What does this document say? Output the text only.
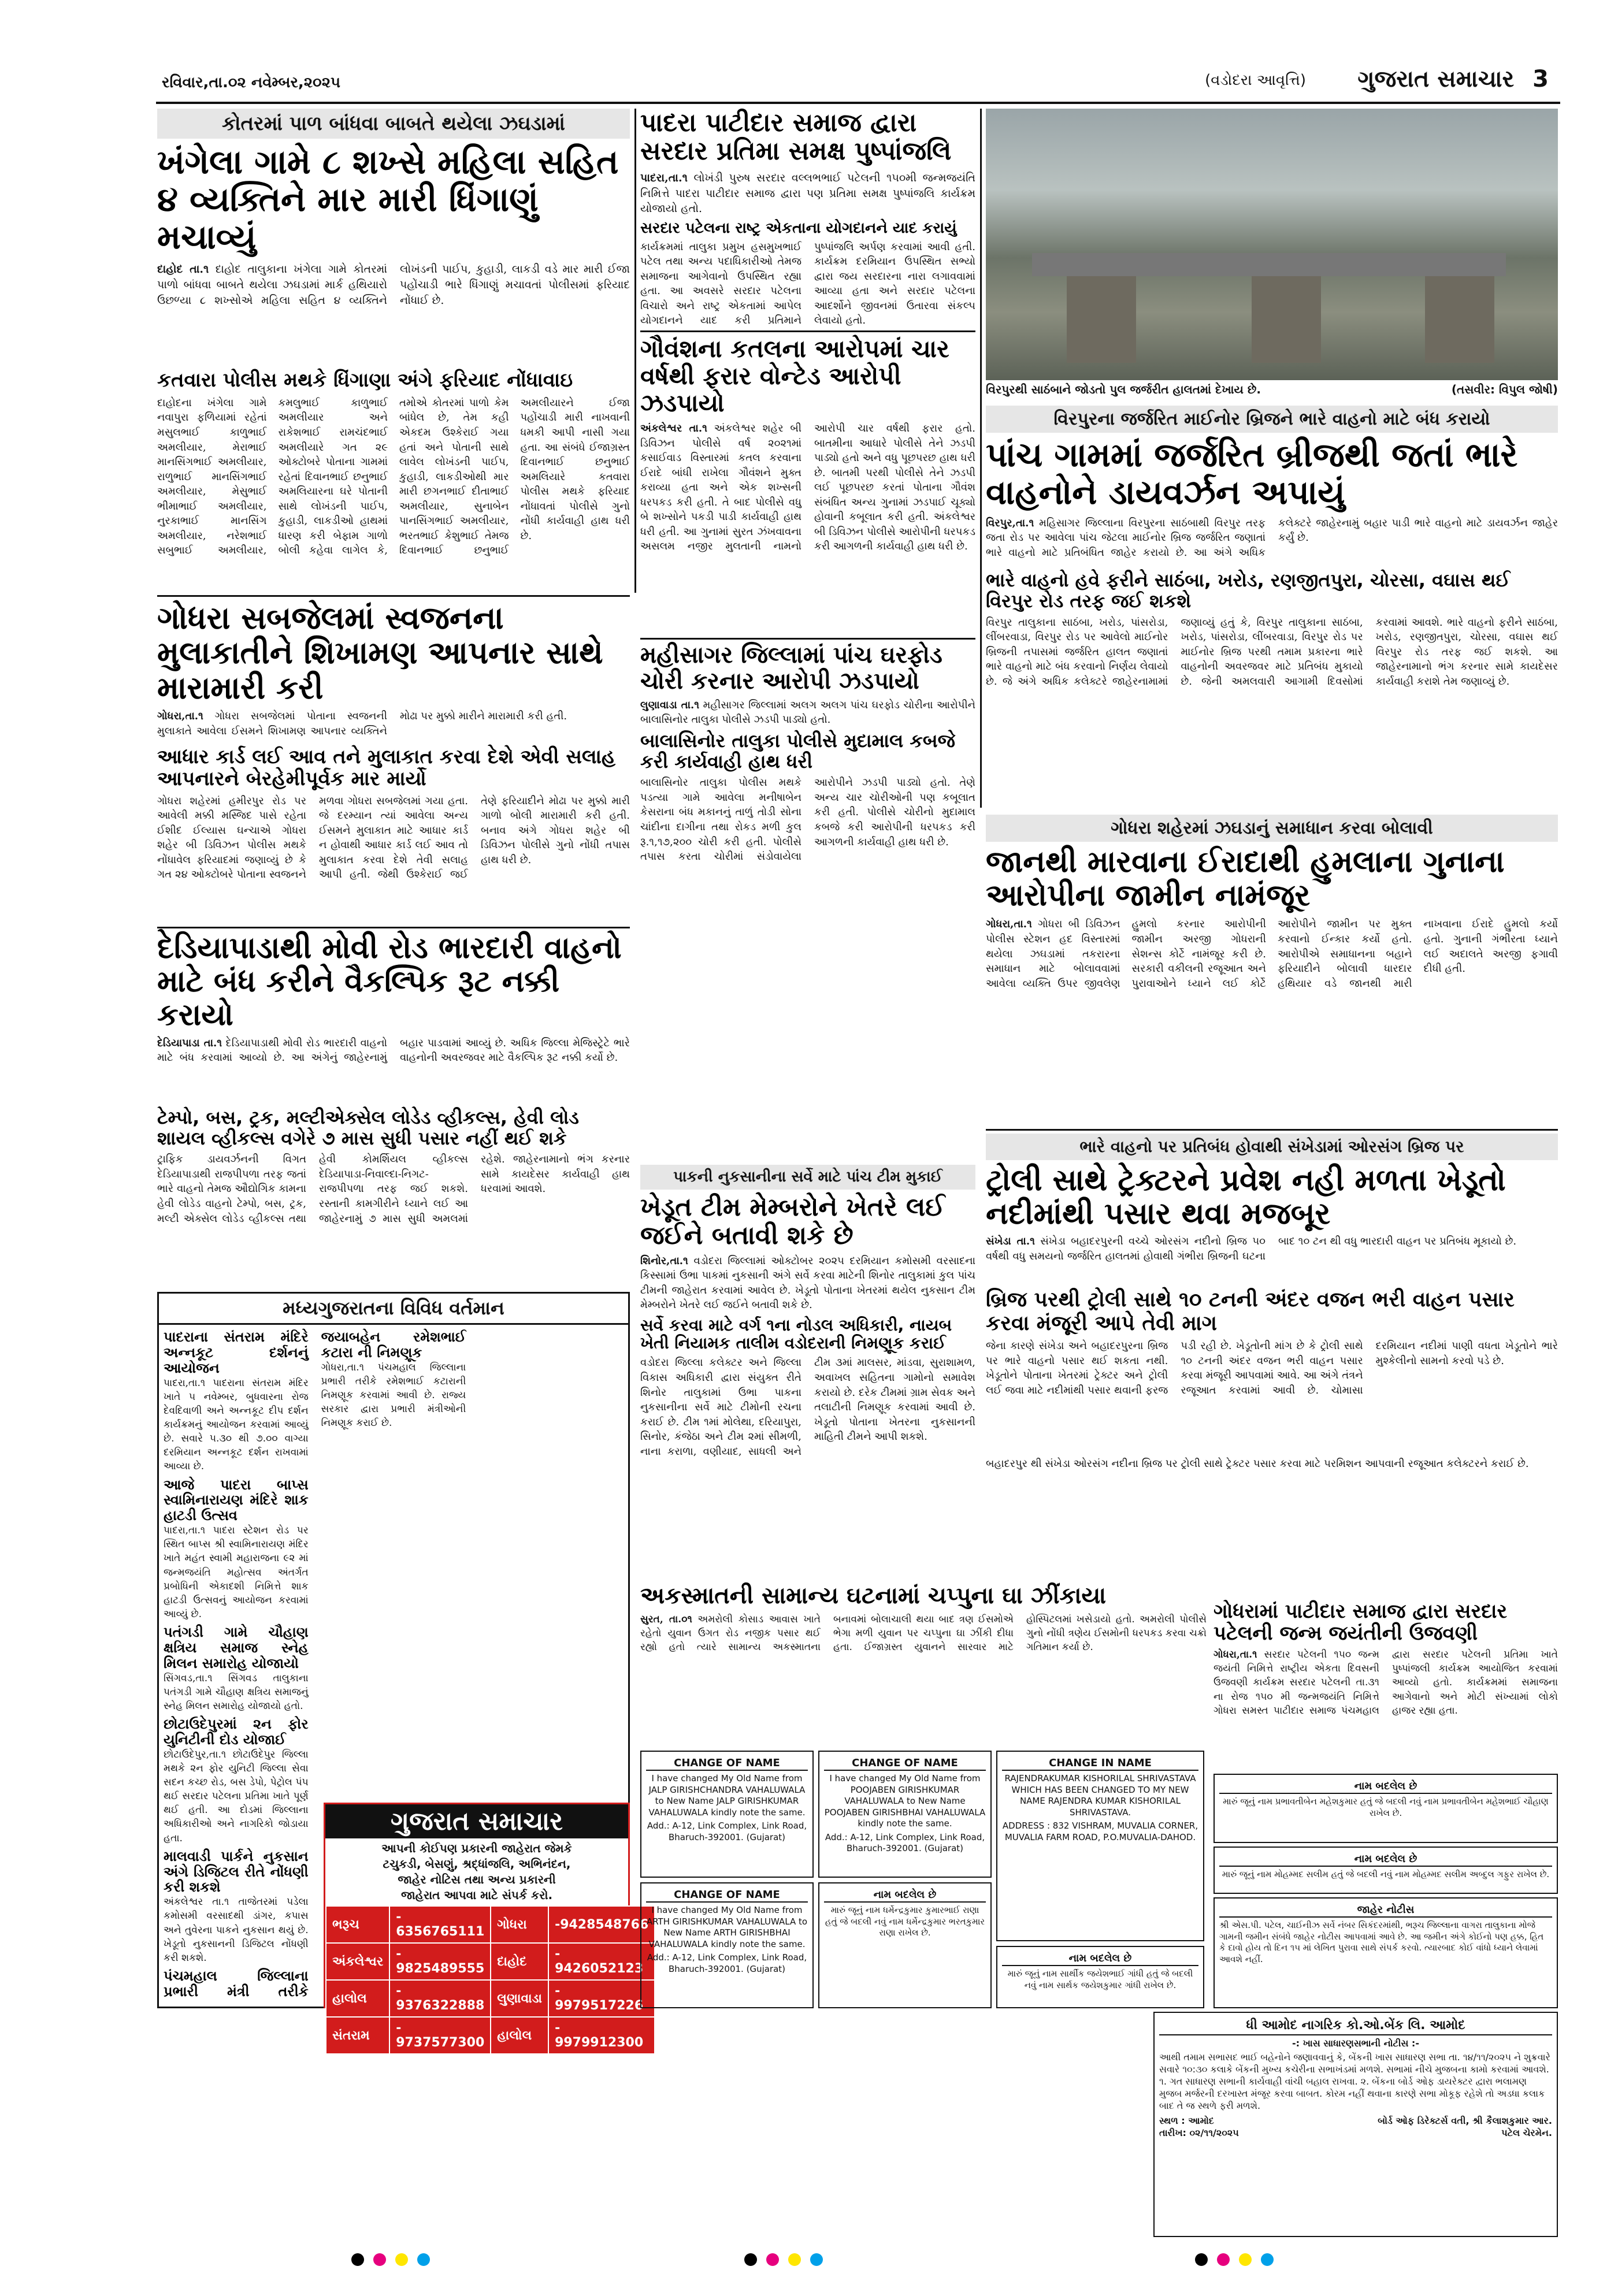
રવિવાર,તા.૦૨ નવેમ્બર,૨૦૨૫	(વડોદરા આવૃત્તિ)	ગુજરાત સમાચાર 3
કોતરમાં પાળ બાંધવા બાબતે થયેલા ઝઘડામાં
ખંગેલા ગામે ૮ શખ્સે મહિલા સહિત ૪ વ્યક્તિને માર મારી ધિંગાણું મચાવ્યું
દાહોદ તા.૧ દાહોદ તાલુકાના ખંગેલા ગામે કોતરમાં પાળો બાંધવા બાબતે થયેલા ઝઘડામાં માર્ક હથિયારો ઉછળ્યા ૮ શખ્સોએ મહિલા સહિત ૪ વ્યક્તિને લોખંડની પાઈપ, કુહાડી, લાકડી વડે માર મારી ઈજા પહોંચાડી ભારે ધિંગાણું મચાવતાં પોલીસમાં ફરિયાદ નોંધાઈ છે.
કતવારા પોલીસ મથકે ધિંગાણા અંગે ફરિયાદ નોંધાવાઇ
દાહોદના ખંગેલા ગામે નવાપુરા ફળિયામાં રહેતાં મસુલભાઈ કાળુભાઈ અમલીયાર, મેરાભાઈ માનસિંગભાઈ અમલીયાર, રાળુભાઈ માનસિંગભાઈ અમલીયાર, મેસુભાઈ ભીમાભાઈ અમલીયાર, નુરકાભાઈ માનસિંગ અમલીયાર, નરેશભાઈ સબુભાઈ અમલીયાર, કમલુભાઈ કાળુભાઈ અમલીયાર અને રાકેશભાઈ રામચંદભાઈ અમલીયારે ગત ૨૯ ઓક્ટોબરે પોતાના ગામમાં રહેતાં દિવાનભાઈ છનુભાઈ અમલિયારના ઘરે પોતાની સાથે લોખંડની પાઈપ, કુહાડી, લાકડીઓ હાથમાં ધારણ કરી બેફામ ગાળો બોલી કહેવા લાગેલ કે, તમોએ કોતરમાં પાળો કેમ બાંધેલ છે, તેમ કહી એકદમ ઉશ્કેરાઈ ગયા હતાં અને પોતાની સાથે લાવેલ લોખંડની પાઈપ, કુહાડી, લાકડીઓથી માર મારી છગનભાઈ દીતાભાઈ અમલીયાર, સુનાબેન પાનસિંગભાઈ અમલીયાર, ભરતભાઈ કેશુભાઈ તેમજ દિવાનભાઈ છનુભાઈ અમલીયારને ઈજા પહોંચાડી મારી નાખવાની ધમકી આપી નાસી ગયા હતા. આ સંબંધે ઈજાગ્રસ્ત દિવાનભાઈ છનુભાઈ અમલિયારે કતવારા પોલીસ મથકે ફરિયાદ નોંધાવતાં પોલીસે ગુનો નોંધી કાર્યવાહી હાથ ધરી છે.
પાદરા પાટીદાર સમાજ દ્વારા સરદાર પ્રતિમા સમક્ષ પુષ્પાંજલિ
પાદરા,તા.૧ લોખંડી પુરુષ સરદાર વલ્લભભાઈ પટેલની ૧૫૦મી જન્મજયંતિ નિમિત્તે પાદરા પાટીદાર સમાજ દ્વારા પણ પ્રતિમા સમક્ષ પુષ્પાંજલિ કાર્યક્રમ યોજાયો હતો.
સરદાર પટેલના રાષ્ટ્ર એકતાના યોગદાનને યાદ કરાયું
કાર્યક્રમમાં તાલુકા પ્રમુખ હસમુખભાઈ પટેલ તથા અન્ય પદાધિકારીઓ તેમજ સમાજના આગેવાનો ઉપસ્થિત રહ્યા હતા. આ અવસરે સરદાર પટેલના વિચારો અને રાષ્ટ્ર એકતામાં આપેલ યોગદાનને યાદ કરી પ્રતિમાને પુષ્પાંજલિ અર્પણ કરવામાં આવી હતી. કાર્યક્રમ દરમિયાન ઉપસ્થિત સભ્યો દ્વારા જય સરદારના નારા લગાવવામાં આવ્યા હતા અને સરદાર પટેલના આદર્શોને જીવનમાં ઉતારવા સંકલ્પ લેવાયો હતો.
ગૌવંશના કતલના આરોપમાં ચાર વર્ષથી ફરાર વોન્ટેડ આરોપી ઝડપાયો
અંકલેશ્વર તા.૧ અંકલેશ્વર શહેર બી ડિવિઝન પોલીસે વર્ષ ૨૦૨૧માં કસાઈવાડ વિસ્તારમાં કતલ કરવાના ઈરાદે બાંધી રાખેલા ગૌવંશને મુક્ત કરાવ્યા હતા અને એક શખ્સની ધરપકડ કરી હતી. તે બાદ પોલીસે વધુ બે શખ્સોને પકડી પાડી કાર્યવાહી હાથ ધરી હતી. આ ગુનામાં સુરત ઝંખવાવના અસલમ નજીર મુલતાની નામનો આરોપી ચાર વર્ષથી ફરાર હતો. બાતમીના આધારે પોલીસે તેને ઝડપી પાડ્યો હતો અને વધુ પૂછપરછ હાથ ધરી છે. બાતમી પરથી પોલીસે તેને ઝડપી લઈ પૂછપરછ કરતાં પોતાના ગૌવંશ સંબંધિત અન્ય ગુનામાં ઝડપાઈ ચૂક્યો હોવાની કબૂલાત કરી હતી. અંકલેશ્વર બી ડિવિઝન પોલીસે આરોપીની ધરપકડ કરી આગળની કાર્યવાહી હાથ ધરી છે.
વિરપુરથી સાઠંબાને જોડતો પુલ જર્જરીત હાલતમાં દેખાય છે.	(તસવીર: વિપુલ જોષી)
વિરપુરના જર્જરિત માઈનોર બ્રિજને ભારે વાહનો માટે બંધ કરાયો
પાંચ ગામમાં જર્જરિત બ્રીજથી જતાં ભારે વાહનોને ડાયવર્ઝન અપાયું
વિરપુર,તા.૧ મહિસાગર જિલ્લાના વિરપુરના સાઠંબાથી વિરપુર તરફ જતા રોડ પર આવેલા પાંચ જેટલા માઈનોર બ્રિજ જર્જરિત જણાતાં ભારે વાહનો માટે પ્રતિબંધિત જાહેર કરાયો છે. આ અંગે અધિક કલેક્ટરે જાહેરનામું બહાર પાડી ભારે વાહનો માટે ડાયવર્ઝન જાહેર કર્યું છે.
ભારે વાહનો હવે ફરીને સાઠંબા, ખરોડ, રણજીતપુરા, ચોરસા, વઘાસ થઈ વિરપુર રોડ તરફ જઈ શકશે
વિરપુર તાલુકાના સાઠંબા, ખરોડ, પાંસરોડા, લીંબરવાડા, વિરપુર રોડ પર આવેલો માઈનોર બ્રિજની તપાસમાં જર્જરિત હાલત જણાતાં ભારે વાહનો માટે બંધ કરવાનો નિર્ણય લેવાયો છે. જે અંગે અધિક કલેક્ટરે જાહેરનામામાં જણાવ્યું હતું કે, વિરપુર તાલુકાના સાઠંબા, ખરોડ, પાંસરોડા, લીંબરવાડા, વિરપુર રોડ પર માઈનોર બ્રિજ પરથી તમામ પ્રકારના ભારે વાહનોની અવરજવર માટે પ્રતિબંધ મુકાયો છે. જેની અમલવારી આગામી દિવસોમાં કરવામાં આવશે. ભારે વાહનો ફરીને સાઠંબા, ખરોડ, રણજીતપુરા, ચોરસા, વઘાસ થઈ વિરપુર રોડ તરફ જઈ શકશે. આ જાહેરનામાનો ભંગ કરનાર સામે કાયદેસર કાર્યવાહી કરાશે તેમ જણાવ્યું છે.
ગોધરા સબજેલમાં સ્વજનના મુલાકાતીને શિખામણ આપનાર સાથે મારામારી કરી
ગોધરા,તા.૧ ગોધરા સબજેલમાં પોતાના સ્વજનની મુલાકાતે આવેલા ઈસમને શિખામણ આપનાર વ્યક્તિને મોઢા પર મુક્કો મારીને મારામારી કરી હતી.
આધાર કાર્ડ લઈ આવ તને મુલાકાત કરવા દેશે એવી સલાહ આપનારને બેરહેમીપૂર્વક માર માર્યો
ગોધરા શહેરમાં હમીરપુર રોડ પર આવેલી મક્કી મસ્જિદ પાસે રહેતા ઈશીદ ઈલ્યાસ ઘન્ચાએ ગોધરા શહેર બી ડિવિઝન પોલીસ મથકે નોંધાવેલ ફરિયાદમાં જણાવ્યું છે કે ગત ૨૪ ઓક્ટોબરે પોતાના સ્વજનને મળવા ગોધરા સબજેલમાં ગયા હતા. જે દરમ્યાન ત્યાં આવેલા અન્ય ઈસમને મુલાકાત માટે આધાર કાર્ડ ન હોવાથી આધાર કાર્ડ લઈ આવ તો મુલાકાત કરવા દેશે તેવી સલાહ આપી હતી. જેથી ઉશ્કેરાઈ જઈ તેણે ફરિયાદીને મોઢા પર મુક્કો મારી ગાળો બોલી મારામારી કરી હતી. બનાવ અંગે ગોધરા શહેર બી ડિવિઝન પોલીસે ગુનો નોંધી તપાસ હાથ ધરી છે.
મહીસાગર જિલ્લામાં પાંચ ઘરફોડ ચોરી કરનાર આરોપી ઝડપાયો
લુણાવાડા તા.૧ મહીસાગર જિલ્લામાં અલગ અલગ પાંચ ઘરફોડ ચોરીના આરોપીને બાલાસિનોર તાલુકા પોલીસે ઝડપી પાડ્યો હતો.
બાલાસિનોર તાલુકા પોલીસે મુદામાલ કબજે કરી કાર્યવાહી હાથ ધરી
બાલાસિનોર તાલુકા પોલીસ મથકે પડત્યા ગામે આવેલા મનીષાબેન કેસરાના બંધ મકાનનું તાળું તોડી સોના ચાંદીના દાગીના તથા રોકડ મળી કુલ રૂ.૧,૧૭,૨૦૦ ચોરી કરી હતી. પોલીસે તપાસ કરતા ચોરીમાં સંડોવાયેલા આરોપીને ઝડપી પાડ્યો હતો. તેણે અન્ય ચાર ચોરીઓની પણ કબૂલાત કરી હતી. પોલીસે ચોરીનો મુદામાલ કબજે કરી આરોપીની ધરપકડ કરી આગળની કાર્યવાહી હાથ ધરી છે.
ગોધરા શહેરમાં ઝઘડાનું સમાધાન કરવા બોલાવી
જાનથી મારવાના ઈરાદાથી હુમલાના ગુનાના આરોપીના જામીન નામંજૂર
ગોધરા,તા.૧ ગોધરા બી ડિવિઝન પોલીસ સ્ટેશન હદ વિસ્તારમાં થયેલા ઝઘડામાં તકરારના સમાધાન માટે બોલાવવામાં આવેલા વ્યક્તિ ઉપર જીવલેણ હુમલો કરનાર આરોપીની જામીન અરજી ગોધરાની સેશન્સ કોર્ટે નામંજૂર કરી છે. સરકારી વકીલની રજૂઆત અને પુરાવાઓને ધ્યાને લઈ કોર્ટે આરોપીને જામીન પર મુક્ત કરવાનો ઈન્કાર કર્યો હતો. આરોપીએ સમાધાનના બહાને ફરિયાદીને બોલાવી ધારદાર હથિયાર વડે જાનથી મારી નાખવાના ઈરાદે હુમલો કર્યો હતો. ગુનાની ગંભીરતા ધ્યાને લઈ અદાલતે અરજી ફગાવી દીધી હતી.
દેડિયાપાડાથી મોવી રોડ ભારદારી વાહનો માટે બંધ કરીને વૈકલ્પિક રૂટ નક્કી કરાયો
દેડિયાપાડા તા.૧ દેડિયાપાડાથી મોવી રોડ ભારદારી વાહનો માટે બંધ કરવામાં આવ્યો છે. આ અંગેનું જાહેરનામું બહાર પાડવામાં આવ્યું છે. અધિક જિલ્લા મેજિસ્ટ્રેટે ભારે વાહનોની અવરજવર માટે વૈકલ્પિક રૂટ નક્કી કર્યો છે.
ટેમ્પો, બસ, ટ્રક, મલ્ટીએક્સેલ લોડેડ વ્હીકલ્સ, હેવી લોડ શાયલ વ્હીકલ્સ વગેરે ૭ માસ સુધી પસાર નહીં થઈ શકે
ટ્રાફિક ડાયવર્ઝનની વિગત દેડિયાપાડાથી રાજપીપળા તરફ જતાં ભારે વાહનો તેમજ ઔદ્યોગિક કામના હેવી લોડેડ વાહનો ટેમ્પો, બસ, ટ્રક, મલ્ટી એક્સેલ લોડેડ વ્હીકલ્સ તથા હેવી કોમર્શિયલ વ્હીકલ્સ દેડિયાપાડા-નિવાલ્દા-નિગટ-રાજપીપળા તરફ જઈ શકશે. રસ્તાની કામગીરીને ધ્યાને લઈ આ જાહેરનામું ૭ માસ સુધી અમલમાં રહેશે. જાહેરનામાનો ભંગ કરનાર સામે કાયદેસર કાર્યવાહી હાથ ધરવામાં આવશે.
પાકની નુકસાનીના સર્વે માટે પાંચ ટીમ મુકાઈ
ખેડૂત ટીમ મેમ્બરોને ખેતરે લઈ જઈને બતાવી શકે છે
શિનોર,તા.૧ વડોદરા જિલ્લામાં ઓક્ટોબર ૨૦૨૫ દરમિયાન કમોસમી વરસાદના કિસ્સામાં ઉભા પાકમાં નુકસાની અંગે સર્વે કરવા માટેની શિનોર તાલુકામાં કુલ પાંચ ટીમની જાહેરાત કરવામાં આવેલ છે. ખેડૂતો પોતાના ખેતરમાં થયેલ નુકસાન ટીમ મેમ્બરોને ખેતરે લઈ જઈને બતાવી શકે છે.
સર્વે કરવા માટે વર્ગ ૧ના નોડલ અધિકારી, નાયબ ખેતી નિયામક તાલીમ વડોદરાની નિમણૂક કરાઈ
વડોદરા જિલ્લા કલેક્ટર અને જિલ્લા વિકાસ અધિકારી દ્વારા સંયુક્ત રીતે શિનોર તાલુકામાં ઉભા પાકના નુકસાનીના સર્વે માટે ટીમોની રચના કરાઈ છે. ટીમ ૧માં મોલેથા, દરિયાપુરા, સિનોર, કંજેઠા અને ટીમ ૨માં સીમળી, નાના કરાળા, વણીયાદ, સાધલી અને ટીમ ૩માં માલસર, માંડવા, સુરાશામળ, અવાખલ સહિતના ગામોનો સમાવેશ કરાયો છે. દરેક ટીમમાં ગ્રામ સેવક અને તલાટીની નિમણૂક કરવામાં આવી છે. ખેડૂતો પોતાના ખેતરના નુકસાનની માહિતી ટીમને આપી શકશે.
ભારે વાહનો પર પ્રતિબંધ હોવાથી સંખેડામાં ઓરસંગ બ્રિજ પર
ટ્રોલી સાથે ટ્રેક્ટરને પ્રવેશ નહી મળતા ખેડૂતો નદીમાંથી પસાર થવા મજબૂર
સંખેડા તા.૧ સંખેડા બહાદરપુરની વચ્ચે ઓરસંગ નદીનો બ્રિજ ૫૦ વર્ષથી વધુ સમયનો જર્જરિત હાલતમાં હોવાથી ગંભીરા બ્રિજની ઘટના બાદ ૧૦ ટન થી વધુ ભારદારી વાહન પર પ્રતિબંધ મૂકાયો છે.
બ્રિજ પરથી ટ્રોલી સાથે ૧૦ ટનની અંદર વજન ભરી વાહન પસાર કરવા મંજૂરી આપે તેવી માગ
જેના કારણે સંખેડા અને બહાદરપુરના બ્રિજ પર ભારે વાહનો પસાર થઈ શકતા નથી. ખેડૂતોને પોતાના ખેતરમાં ટ્રેક્ટર અને ટ્રોલી લઈ જવા માટે નદીમાંથી પસાર થવાની ફરજ પડી રહી છે. ખેડૂતોની માંગ છે કે ટ્રોલી સાથે ૧૦ ટનની અંદર વજન ભરી વાહન પસાર કરવા મંજૂરી આપવામાં આવે. આ અંગે તંત્રને રજૂઆત કરવામાં આવી છે. ચોમાસા દરમિયાન નદીમાં પાણી વધતા ખેડૂતોને ભારે મુશ્કેલીનો સામનો કરવો પડે છે.
બહાદરપુર થી સંખેડા ઓરસંગ નદીના બ્રિજ પર ટ્રોલી સાથે ટ્રેક્ટર પસાર કરવા માટે પરમિશન આપવાની રજૂઆત કલેક્ટરને કરાઈ છે.
ગોધરામાં પાટીદાર સમાજ દ્વારા સરદાર પટેલની જન્મ જયંતીની ઉજવણી
ગોધરા,તા.૧ સરદાર પટેલની ૧૫૦ જન્મ જયંતી નિમિત્તે રાષ્ટ્રીય એકતા દિવસની ઉજવણી કાર્યક્રમ સરદાર પટેલની તા.૩૧ ના રોજ ૧૫૦ મી જન્મજયંતિ નિમિત્તે ગોધરા સમસ્ત પાટીદાર સમાજ પંચમહાલ દ્વારા સરદાર પટેલની પ્રતિમા ખાતે પુષ્પાંજલી કાર્યક્રમ આયોજિત કરવામાં આવ્યો હતો. કાર્યક્રમમાં સમાજના આગેવાનો અને મોટી સંખ્યામાં લોકો હાજર રહ્યા હતા.
મધ્યગુજરાતના વિવિધ વર્તમાન
પાદરાના સંતરામ મંદિરે અન્નકૂટ દર્શનનું આયોજન
પાદરા,તા.૧ પાદરાના સંતરામ મંદિર ખાતે ૫ નવેમ્બર, બુધવારના રોજ દેવદિવાળી અને અન્નકૂટ દીપ દર્શન કાર્યક્રમનું આયોજન કરવામાં આવ્યું છે. સવારે ૫.૩૦ થી ૭.૦૦ વાગ્યા દરમિયાન અન્નકૂટ દર્શન રાખવામાં આવ્યા છે.
આજે પાદરા બાપ્સ સ્વામિનારાયણ મંદિરે શાક હાટડી ઉત્સવ
પાદરા,તા.૧ પાદરા સ્ટેશન રોડ પર સ્થિત બાપ્સ શ્રી સ્વામિનારાયણ મંદિર ખાતે મહંત સ્વામી મહારાજના ૯૨ માં જન્મજયંતિ મહોત્સવ અંતર્ગત પ્રબોધિની એકાદશી નિમિત્તે શાક હાટડી ઉત્સવનું આયોજન કરવામાં આવ્યું છે.
પતંગડી ગામે ચૌહાણ ક્ષત્રિય સમાજ સ્નેહ મિલન સમારોહ યોજાયો
સિંગવડ,તા.૧ સિંગવડ તાલુકાના પતંગડી ગામે ચૌહાણ ક્ષત્રિય સમાજનું સ્નેહ મિલન સમારોહ યોજાયો હતો.
છોટાઉદેપુરમાં ૨ન ફોર યુનિટીની દોડ યોજાઈ
છોટાઉદેપુર,તા.૧ છોટાઉદેપુર જિલ્લા મથકે ૨ન ફોર યુનિટી જિલ્લા સેવા સદન કચ્છ રોડ, બસ ડેપો, પેટ્રોલ પંપ થઈ સરદાર પટેલના પ્રતિમા ખાતે પૂર્ણ થઈ હતી. આ દોડમાં જિલ્લાના અધિકારીઓ અને નાગરિકો જોડાયા હતા.
માલવાડી પાર્કને નુકસાન અંગે ડિજિટલ રીતે નોંધણી કરી શકશે
અંકલેશ્વર તા.૧ તાજેતરમાં પડેલા કમોસમી વરસાદથી ડાંગર, કપાસ અને તુવેરના પાકને નુકસાન થયું છે. ખેડૂતો નુકસાનની ડિજિટલ નોંધણી કરી શકશે.
પંચમહાલ જિલ્લાના પ્રભારી મંત્રી તરીકે જયાબહેન રમેશભાઈ કટારા ની નિમણૂક
ગોધરા,તા.૧ પંચમહાલ જિલ્લાના પ્રભારી તરીકે રમેશભાઈ કટારાની નિમણૂક કરવામાં આવી છે. રાજ્ય સરકાર દ્વારા પ્રભારી મંત્રીઓની નિમણૂક કરાઈ છે.
અકસ્માતની સામાન્ય ઘટનામાં ચપ્પુના ઘા ઝીંકાયા
સુરત, તા.૦૧ અમરોલી કોસાડ આવાસ ખાતે રહેતો યુવાન ઉગત રોડ નજીક પસાર થઈ રહ્યો હતો ત્યારે સામાન્ય અકસ્માતના બનાવમાં બોલાચાલી થયા બાદ ત્રણ ઈસમોએ ભેગા મળી યુવાન પર ચપ્પુના ઘા ઝીંકી દીધા હતા. ઈજાગ્રસ્ત યુવાનને સારવાર માટે હોસ્પિટલમાં ખસેડાયો હતો. અમરોલી પોલીસે ગુનો નોંધી ત્રણેય ઈસમોની ધરપકડ કરવા ચક્રો ગતિમાન કર્યા છે.
ગુજરાત સમાચાર
આપની કોઈપણ પ્રકારની જાહેરાત જેમકે
ટચુકડી, બેસણું, શ્રદ્ધાંજલિ, અભિનંદન,
જાહેર નોટિસ તથા અન્ય પ્રકારની
જાહેરાત આપવા માટે સંપર્ક કરો.
ભરૂચ	- 6356765111	ગોધરા	-9428548766
અંકલેશ્વર	- 9825489555	દાહોદ	- 9426052123
હાલોલ	- 9376322888	લુણાવાડા	- 9979517226
સંતરામ	- 9737577300	હાલોલ	- 9979912300
CHANGE OF NAME
I have changed My Old Name from JALP GIRISHCHANDRA VAHALUWALA to New Name JALP GIRISHKUMAR VAHALUWALA kindly note the same.
Add.: A-12, Link Complex, Link Road, Bharuch-392001. (Gujarat)
CHANGE OF NAME
I have changed My Old Name from POOJABEN GIRISHKUMAR VAHALUWALA to New Name POOJABEN GIRISHBHAI VAHALUWALA kindly note the same.
Add.: A-12, Link Complex, Link Road, Bharuch-392001. (Gujarat)
CHANGE IN NAME
RAJENDRAKUMAR KISHORILAL SHRIVASTAVA WHICH HAS BEEN CHANGED TO MY NEW NAME RAJENDRA KUMAR KISHORILAL SHRIVASTAVA.
ADDRESS : 832 VISHRAM, MUVALIA CORNER, MUVALIA FARM ROAD, P.O.MUVALIA-DAHOD.
CHANGE OF NAME
I have changed My Old Name from ARTH GIRISHKUMAR VAHALUWALA to New Name ARTH GIRISHBHAI VAHALUWALA kindly note the same.
Add.: A-12, Link Complex, Link Road, Bharuch-392001. (Gujarat)
નામ બદલેલ છે
મારું જૂનું નામ ધર્મેન્દ્રકુમાર કુમારભાઈ રાણા હતું જે બદલી નવું નામ ધર્મેન્દ્રકુમાર ભરતકુમાર રાણા રાખેલ છે.
નામ બદલેલ છે
મારું જૂનું નામ સાર્થીક જયેશભાઈ ગાંધી હતું જે બદલી નવું નામ સાર્થક જયેશકુમાર ગાંધી રાખેલ છે.
નામ બદલેલ છે
મારું જૂનું નામ પ્રભાવતીબેન મહેશકુમાર હતું જે બદલી નવું નામ પ્રભાવતીબેન મહેશભાઈ ચૌહાણ રાખેલ છે.
નામ બદલેલ છે
મારું જૂનું નામ મોહમ્મદ સલીમ હતું જે બદલી નવું નામ મોહમ્મદ સલીમ અબ્દુલ ગફુર રાખેલ છે.
જાહેર નોટીસ
શ્રી એસ.પી. પટેલ, ચાઈનીઝ સર્વે નંબર સિકંદરમાંથી, ભરૂચ જિલ્લાના વાગરા તાલુકાના મોજે ગામની જમીન સંબંધે જાહેર નોટીસ આપવામાં આવે છે. આ જમીન અંગે કોઈનો પણ હક્ક, હિત કે દાવો હોય તો દિન ૧૫ માં લેખિત પુરાવા સાથે સંપર્ક કરવો. ત્યારબાદ કોઈ વાંધો ધ્યાને લેવામાં આવશે નહીં.
ધી આમોદ નાગરિક કો.ઓ.બેંક લિ. આમોદ
-: ખાસ સાધારણસભાની નોટીસ :-
આથી તમામ સભાસદ ભાઈ બહેનોને જણાવવાનું કે, બેંકની ખાસ સાધારણ સભા તા. ૧૪/૧૧/૨૦૨૫ ને શુક્રવારે સવારે ૧૦:૩૦ કલાકે બેંકની મુખ્ય કચેરીના સભાખંડમાં મળશે. સભામાં નીચે મુજબના કામો કરવામાં આવશે. ૧. ગત સાધારણ સભાની કાર્યવાહી વાંચી બહાલ રાખવા. ૨. બેંકના બોર્ડ ઓફ ડાયરેક્ટર દ્વારા ભલામણ મુજબ મર્જરની દરખાસ્ત મંજૂર કરવા બાબત. કોરમ નહીં થવાના કારણે સભા મોકૂફ રહેશે તો અડધા કલાક બાદ તે જ સ્થળે ફરી મળશે.
સ્થળ : આમોદ
તારીખ: ૦૨/૧૧/૨૦૨૫
બોર્ડ ઓફ ડિરેક્ટર્સ વતી, શ્રી કૈલાશકુમાર આર. પટેલ ચેરમેન.
